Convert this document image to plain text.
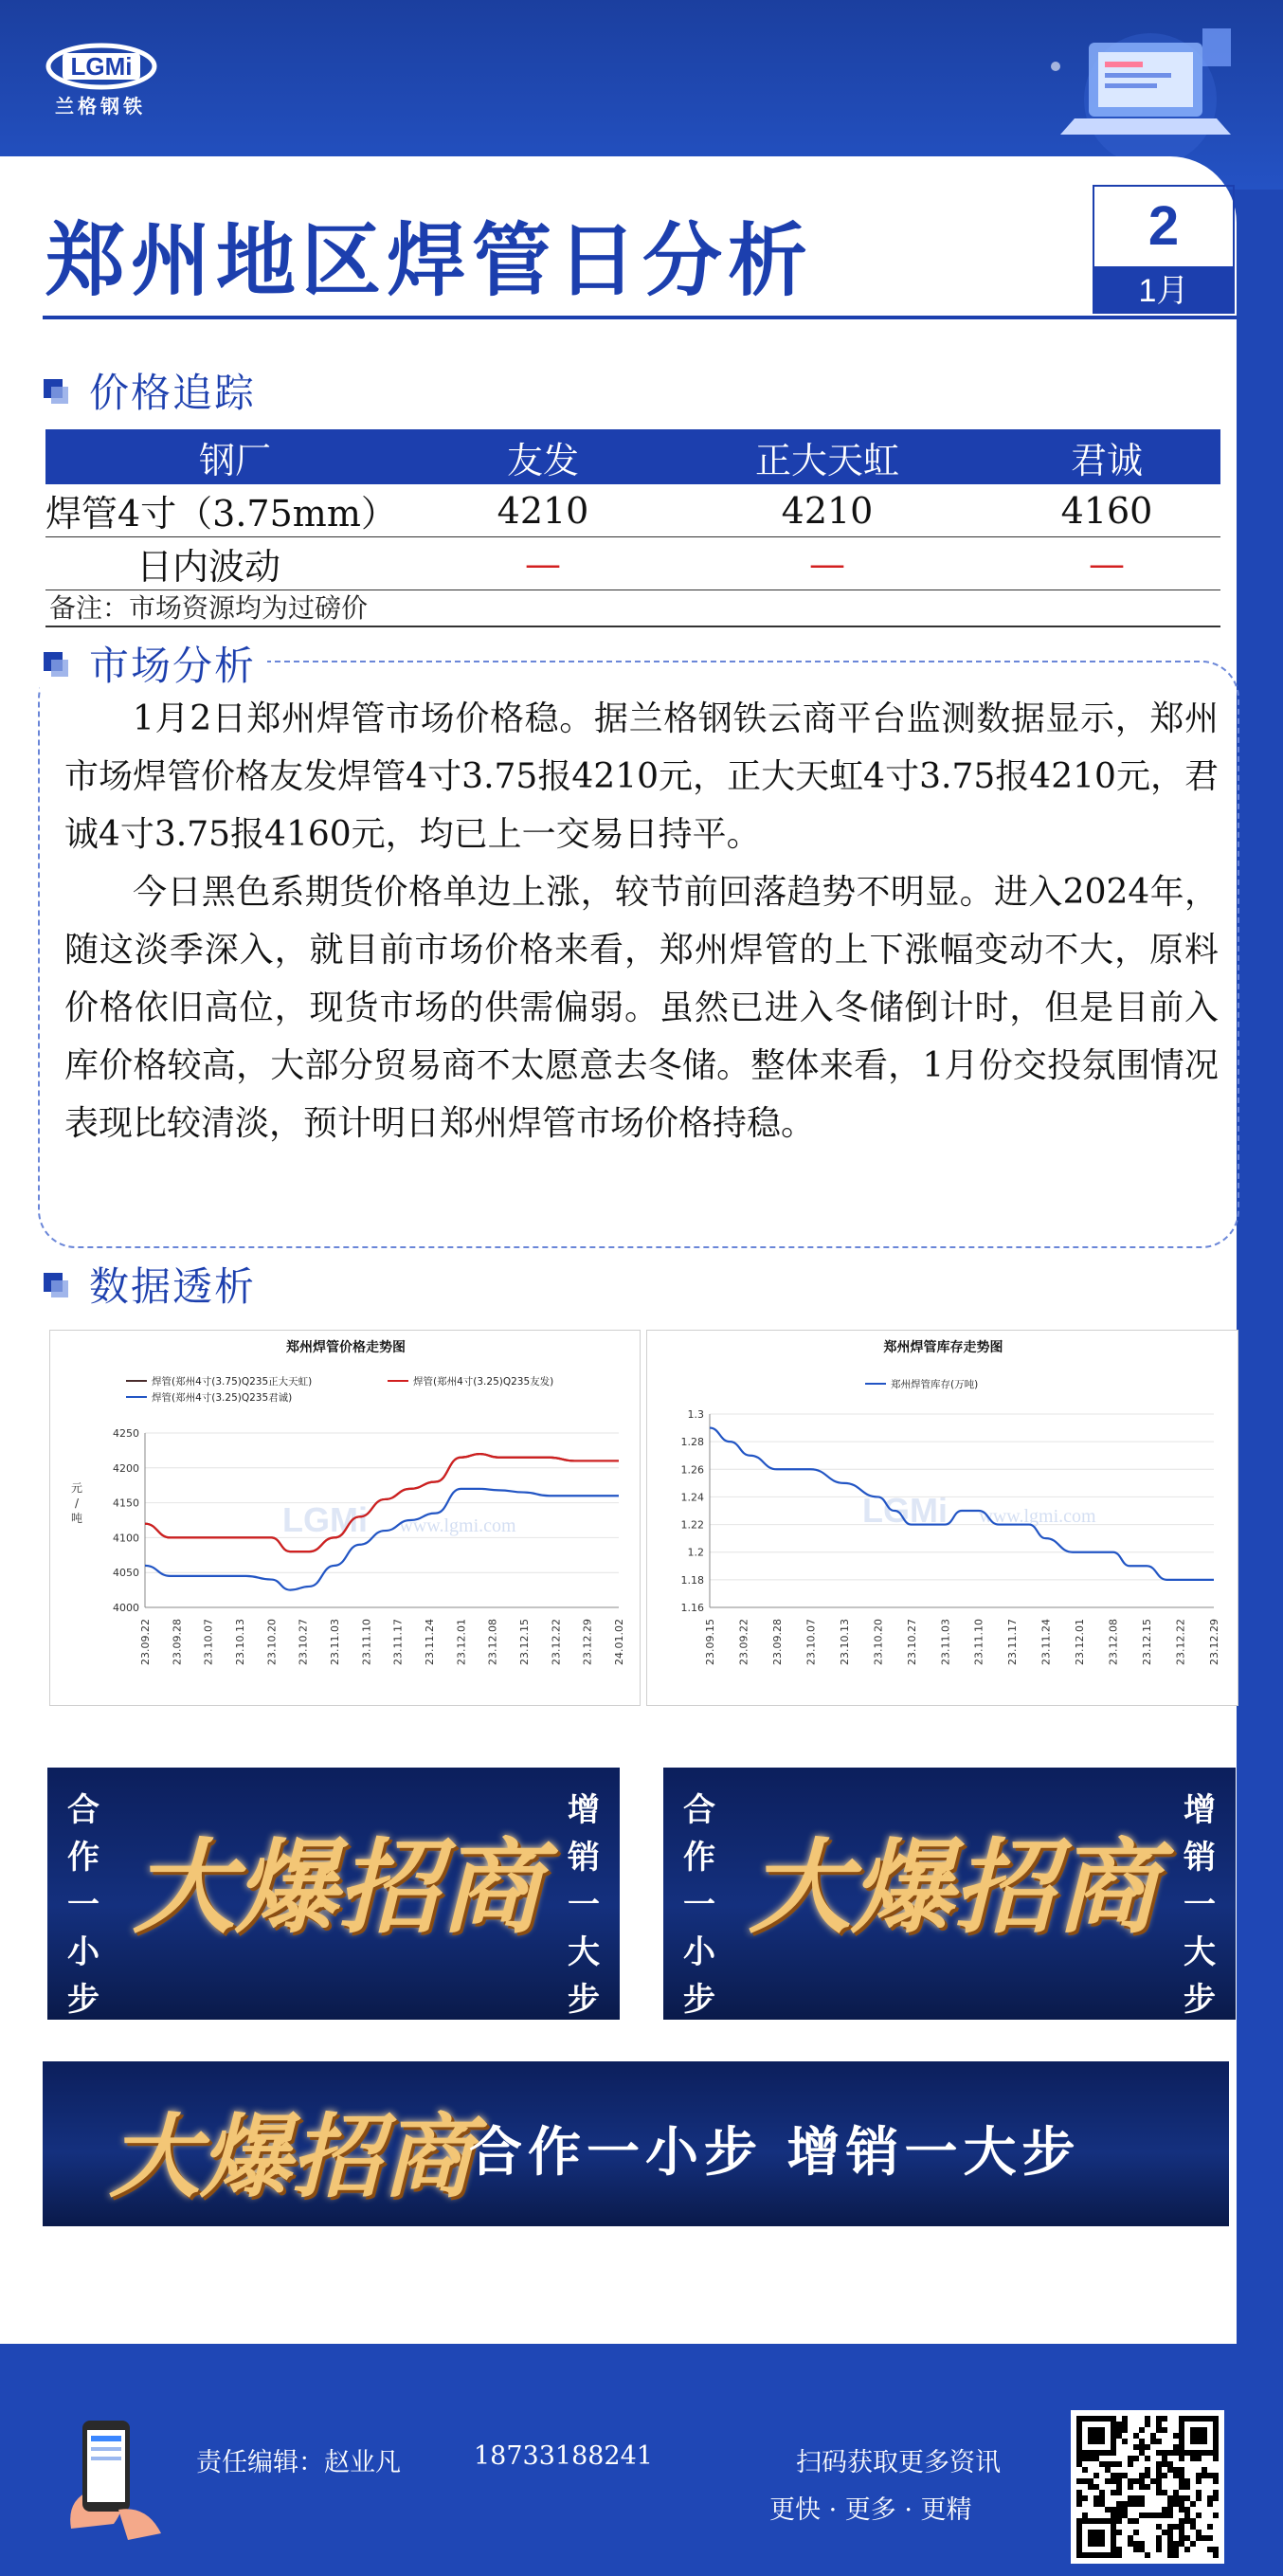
LGMi
兰格钢铁
郑州地区焊管日分析	2
1月
价格追踪
钢厂	友发	正大天虹	君诚
焊管4寸（3.75mm）	4210	4210	4160
日内波动	—	—	—
备注：市场资源均为过磅价
市场分析

1月2日郑州焊管市场价格稳。据兰格钢铁云商平台监测数据显示，郑州市场焊管价格友发焊管4寸3.75报4210元，正大天虹4寸3.75报4210元，君诚4寸3.75报4160元，均已上一交易日持平。

今日黑色系期货价格单边上涨，较节前回落趋势不明显。进入2024年，随这淡季深入，就目前市场价格来看，郑州焊管的上下涨幅变动不大，原料价格依旧高位，现货市场的供需偏弱。虽然已进入冬储倒计时，但是目前入库价格较高，大部分贸易商不太愿意去冬储。整体来看，1月份交投氛围情况表现比较清淡，预计明日郑州焊管市场价格持稳。

数据透析
郑州焊管价格走势图
焊管(郑州4寸(3.75)Q235正大天虹)	焊管(郑州4寸(3.25)Q235友发)
焊管(郑州4寸(3.25)Q235君诚)
LGMi www.lgmi.com
4000
4050
4100
4150
4200
4250
元
/
吨
23.09.22 23.09.28 23.10.07 23.10.13 23.10.20 23.10.27 23.11.03 23.11.10 23.11.17 23.11.24 23.12.01 23.12.08 23.12.15 23.12.22 23.12.29 24.01.02
郑州焊管库存走势图
郑州焊管库存(万吨)
LGMi www.lgmi.com
1.16
1.18
1.2
1.22
1.24
1.26
1.28
1.3
23.09.15 23.09.22 23.09.28 23.10.07 23.10.13 23.10.20 23.10.27 23.11.03 23.11.10 23.11.17 23.11.24 23.12.01 23.12.08 23.12.15 23.12.22 23.12.29
合作一小步
大爆招商
增销一大步
合作一小步
大爆招商
增销一大步
大爆招商
合作一小步 增销一大步
责任编辑：赵业凡	18733188241	扫码获取更多资讯
更快 · 更多 · 更精
